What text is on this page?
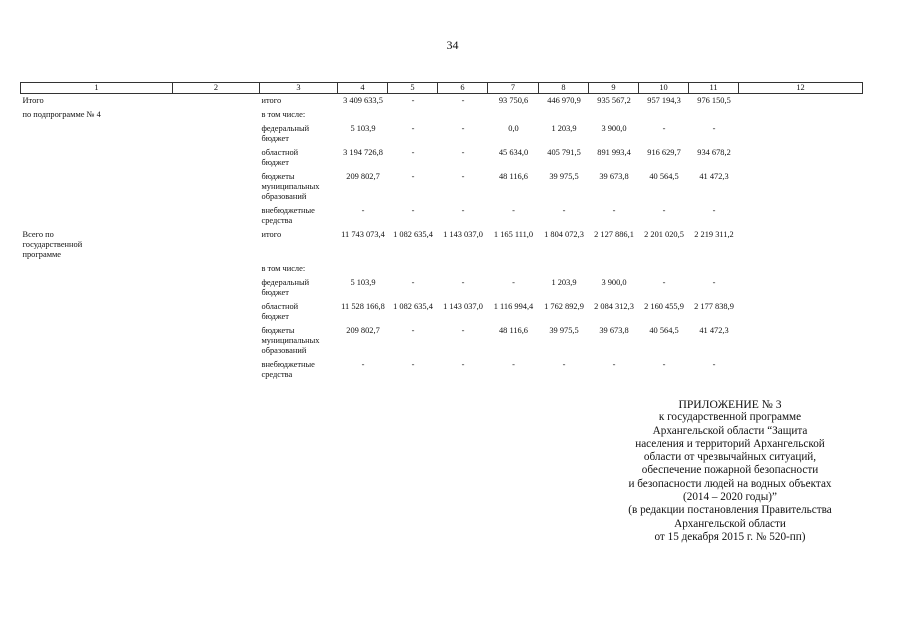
34
1	2	3	4	5	6	7	8	9	10	11	12
Итого		итого	3 409 633,5	-	-	93 750,6	446 970,9	935 567,2	957 194,3	976 150,5	
по подпрограмме № 4		в том числе:									
		федеральный бюджет	5 103,9	-	-	0,0	1 203,9	3 900,0	-	-	
		областной бюджет	3 194 726,8	-	-	45 634,0	405 791,5	891 993,4	916 629,7	934 678,2	
		бюджеты муниципальных образований	209 802,7	-	-	48 116,6	39 975,5	39 673,8	40 564,5	41 472,3	
		внебюджетные средства	-	-	-	-	-	-	-	-	
Всего по государственной программе		итого	11 743 073,4	1 082 635,4	1 143 037,0	1 165 111,0	1 804 072,3	2 127 886,1	2 201 020,5	2 219 311,2	
		в том числе:									
		федеральный бюджет	5 103,9	-	-	-	1 203,9	3 900,0	-	-	
		областной бюджет	11 528 166,8	1 082 635,4	1 143 037,0	1 116 994,4	1 762 892,9	2 084 312,3	2 160 455,9	2 177 838,9	
		бюджеты муниципальных образований	209 802,7	-	-	48 116,6	39 975,5	39 673,8	40 564,5	41 472,3	
		внебюджетные средства	-	-	-	-	-	-	-	-	
ПРИЛОЖЕНИЕ № 3
к государственной программе
Архангельской области “Защита
населения и территорий Архангельской
области от чрезвычайных ситуаций,
обеспечение пожарной безопасности
и безопасности людей на водных объектах
(2014 – 2020 годы)”
(в редакции постановления Правительства
Архангельской области
от 15 декабря 2015 г. № 520-пп)
